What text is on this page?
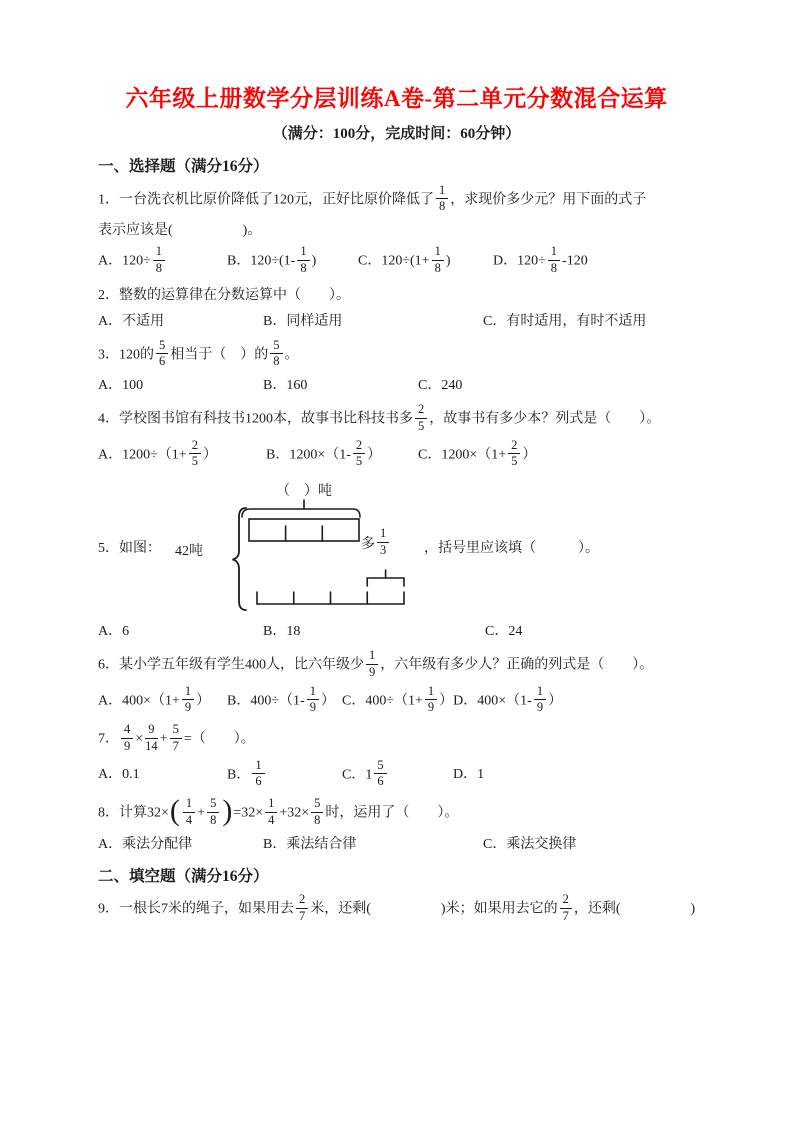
六年级上册数学分层训练A卷-第二单元分数混合运算
（满分：100分，完成时间：60分钟）
一、选择题（满分16分）
1．一台洗衣机比原价降低了120元，正好比原价降低了 $\frac{1}{8}$ ，求现价多少元？用下面的式子
表示应该是(　　　　　)。
A．$120\div \frac{1}{8}$	B．$120\div(1- \frac{1}{8}$ )	C．$120\div(1+ \frac{1}{8}$ )	D．$120\div \frac{1}{8} -120$
2．整数的运算律在分数运算中（　　）。
A．不适用	B．同样适用	C．有时适用，有时不适用
3．120的 $\frac{5}{6}$ 相当于（　）的 $\frac{5}{8}$ 。
A．100	B．160	C．240
4．学校图书馆有科技书1200本，故事书比科技书多 $\frac{2}{5}$ ，故事书有多少本？列式是（　　）。
A．$1200\div(1+ \frac{2}{5}$ ）	B．$1200\times(1- \frac{2}{5}$ ）	C．$1200\times(1+ \frac{2}{5}$ ）
5．如图：
（　）吨
42吨	多 $\frac{1}{3}$ ，括号里应该填（　　　）。
A．6	B．18	C．24
6．某小学五年级有学生400人，比六年级少 $\frac{1}{9}$ ，六年级有多少人？正确的列式是（　　）。
A．$400\times(1+ \frac{1}{9}$ ）	B．$400\div(1- \frac{1}{9}$ ） C．$400\div(1+ \frac{1}{9}$ ） D．$400\times(1- \frac{1}{9}$ ）
7． $\frac{4}{9} \times \frac{9}{14} + \frac{5}{7}$ =（　　）。
A．0.1	B． $\frac{1}{6}$	C．$1 \frac{5}{6}$	D．1
8．计算$32\times( \frac{1}{4} + \frac{5}{8} )=32\times \frac{1}{4} +32\times \frac{5}{8}$ 时，运用了（　　）。
A．乘法分配律	B．乘法结合律	C．乘法交换律
二、填空题（满分16分）
9．一根长7米的绳子，如果用去 $\frac{2}{7}$ 米，还剩(　　　　　)米；如果用去它的 $\frac{2}{7}$ ，还剩(　　　　　)
